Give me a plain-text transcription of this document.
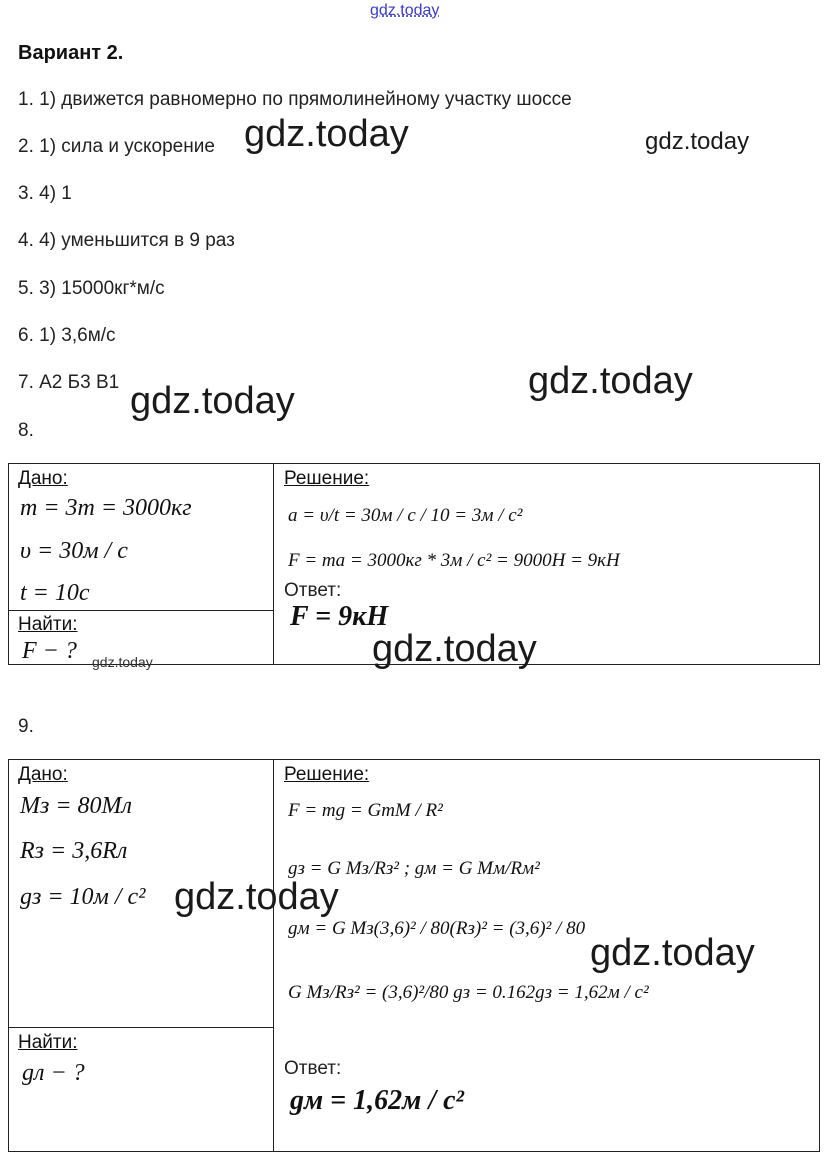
gdz.today
Вариант 2.
1. 1) движется равномерно по прямолинейному участку шоссе
2. 1) сила и ускорение
3. 4) 1
4. 4) уменьшится в 9 раз
5. 3) 15000кг*м/с
6. 1) 3,6м/с
7. А2 Б3 В1
8.
gdz.today	gdz.today
gdz.today
gdz.today
Дано:
m = 3т = 3000кг
υ = 30м / с
t = 10с
Найти:
F − ? gdz.today
Решение:
a = υ/t = 30м / с / 10 = 3м / с²
F = ma = 3000кг * 3м / с² = 9000Н = 9кН
Ответ:
F = 9кН
gdz.today
9.
Дано:
Mз = 80Mл
Rз = 3,6Rл
gз = 10м / с² gdz.today
Найти:
gл − ?
Решение:
F = mg = GmM / R²
gз = G Mз/Rз² ; gм = G Mм/Rм²
gм = G Mз(3,6)² / 80(Rз)² = (3,6)² / 80
G Mз/Rз² = (3,6)²/80 gз = 0.162gз = 1,62м / с²
gdz.today
Ответ:
gм = 1,62м / с²
